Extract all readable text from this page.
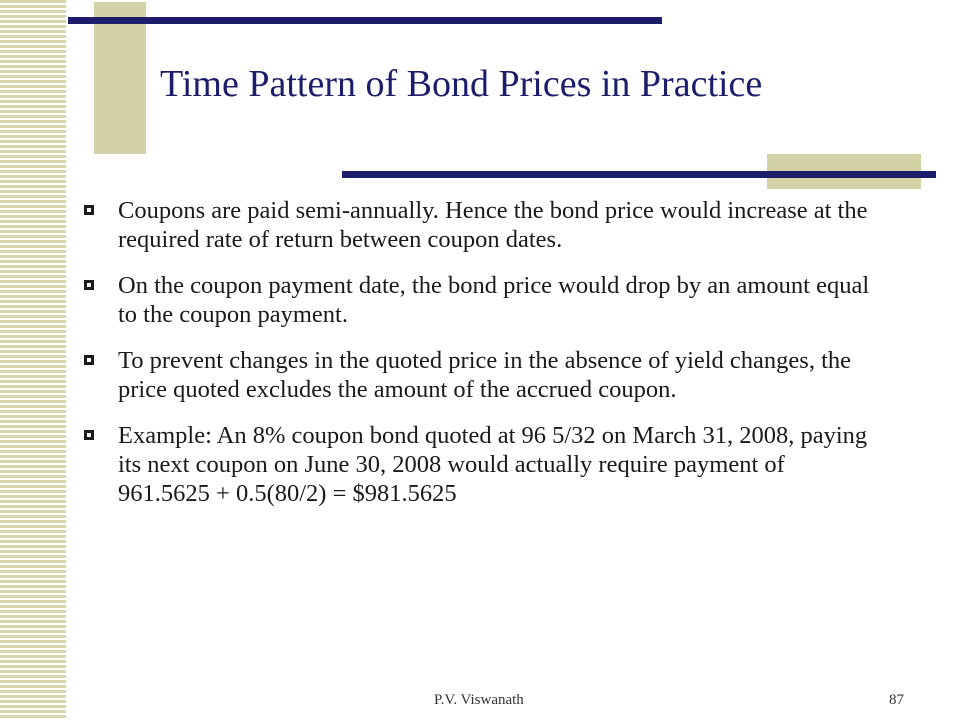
Time Pattern of Bond Prices in Practice
Coupons are paid semi-annually. Hence the bond price would increase at the required rate of return between coupon dates.
On the coupon payment date, the bond price would drop by an amount equal to the coupon payment.
To prevent changes in the quoted price in the absence of yield changes, the price quoted excludes the amount of the accrued coupon.
Example: An 8% coupon bond quoted at 96 5/32 on March 31, 2008, paying its next coupon on June 30, 2008 would actually require payment of 961.5625 + 0.5(80/2) = $981.5625
P.V. Viswanath	87
